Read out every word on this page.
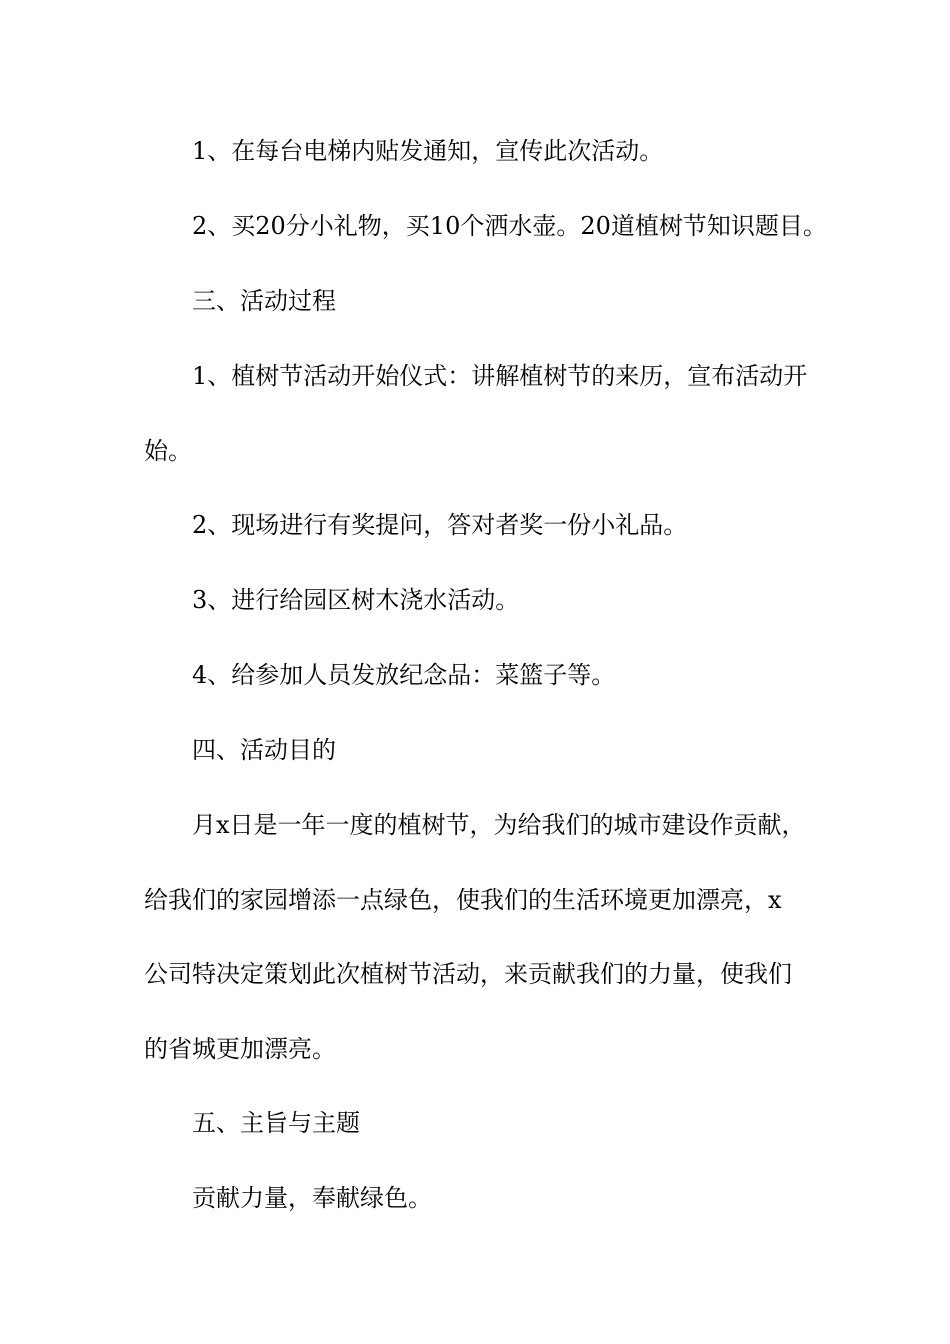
1、在每台电梯内贴发通知，宣传此次活动。
2、买20分小礼物，买10个洒水壶。20道植树节知识题目。
三、活动过程
1、植树节活动开始仪式：讲解植树节的来历，宣布活动开
始。
2、现场进行有奖提问，答对者奖一份小礼品。
3、进行给园区树木浇水活动。
4、给参加人员发放纪念品：菜篮子等。
四、活动目的
月x日是一年一度的植树节，为给我们的城市建设作贡献，
给我们的家园增添一点绿色，使我们的生活环境更加漂亮，x
公司特决定策划此次植树节活动，来贡献我们的力量，使我们
的省城更加漂亮。
五、主旨与主题
贡献力量，奉献绿色。
